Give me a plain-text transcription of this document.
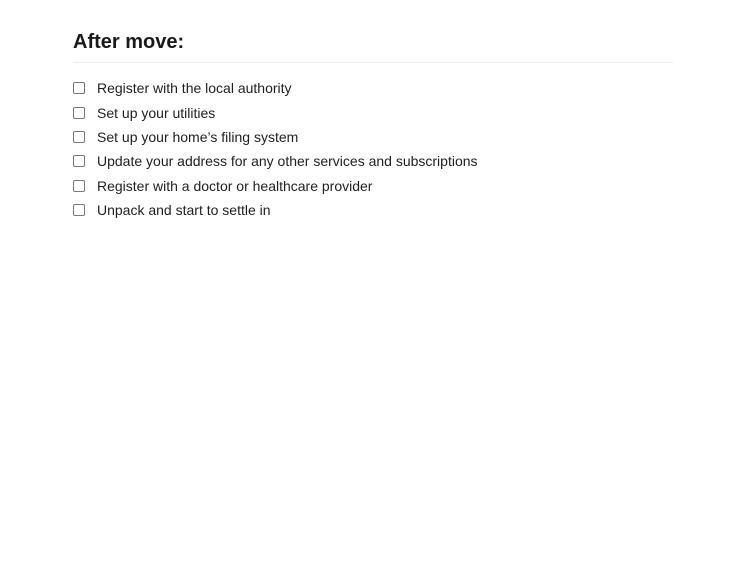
After move:
Register with the local authority
Set up your utilities
Set up your home’s filing system
Update your address for any other services and subscriptions
Register with a doctor or healthcare provider
Unpack and start to settle in
